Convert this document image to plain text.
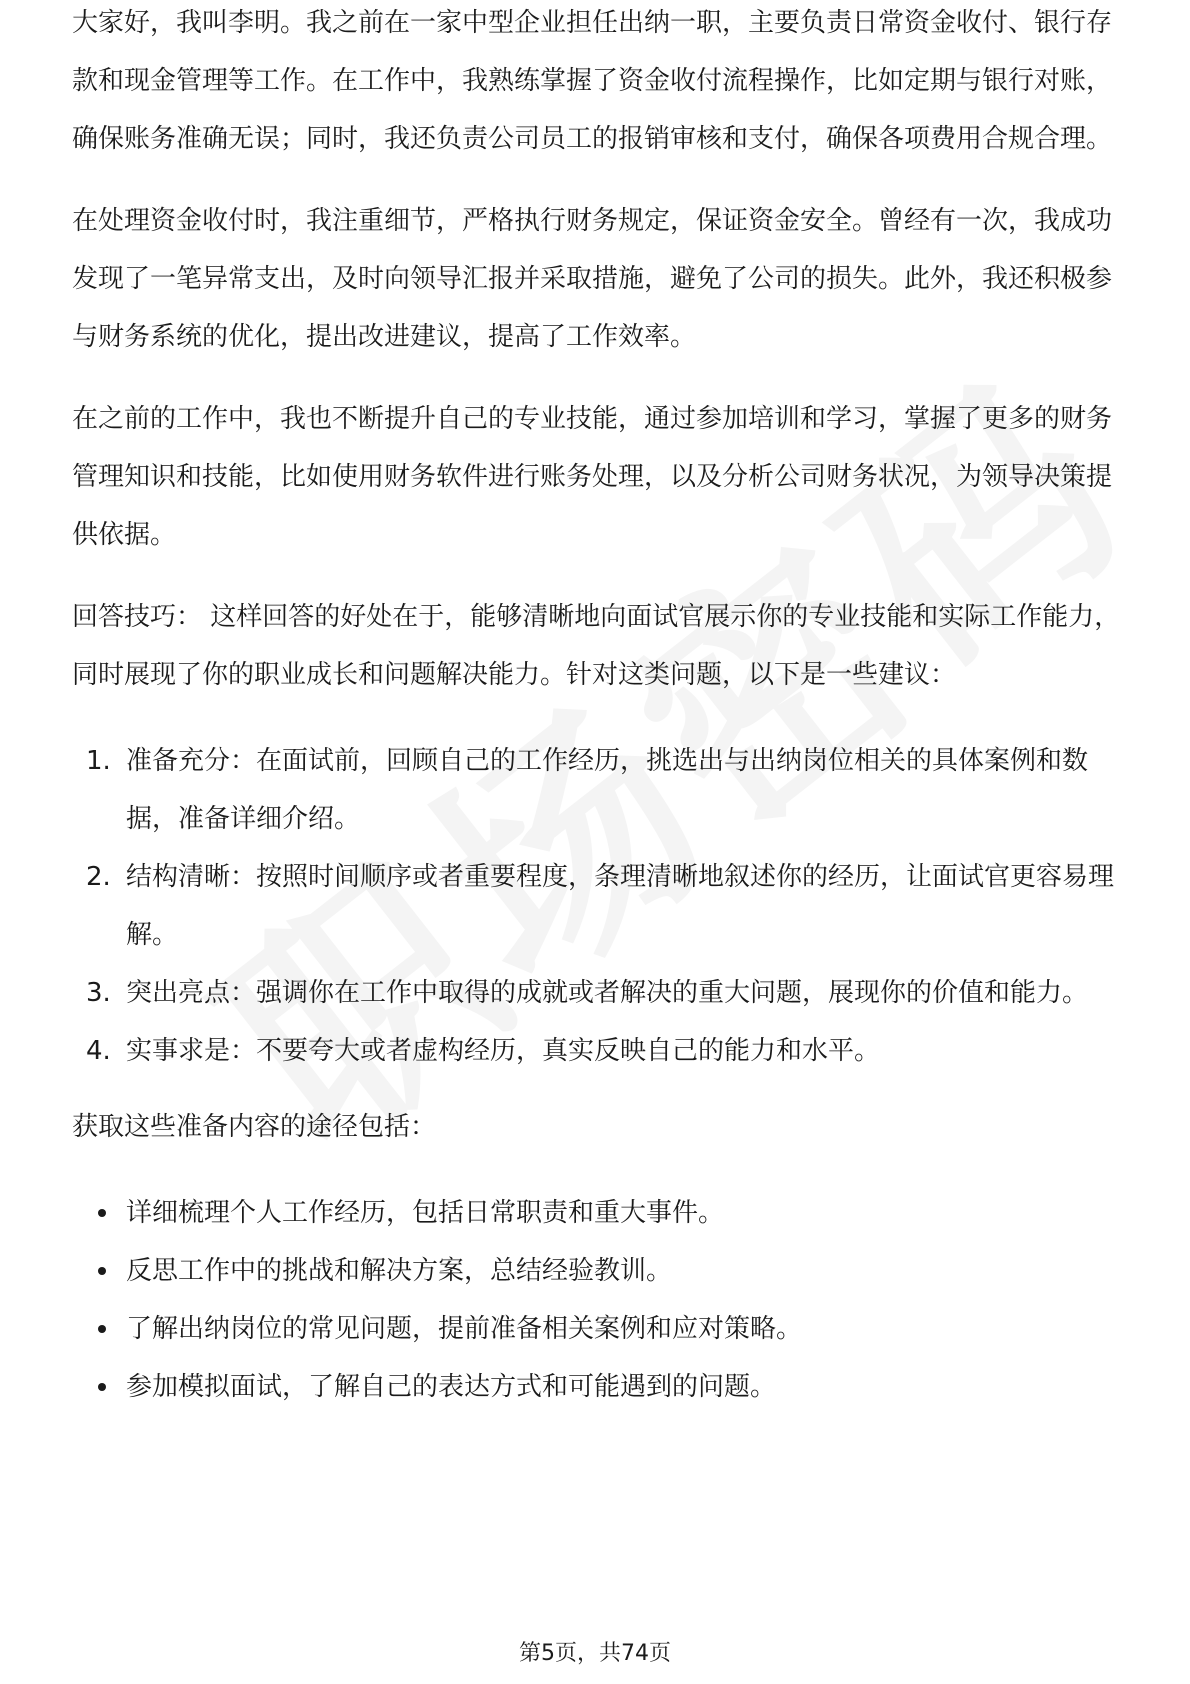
大家好，我叫李明。我之前在一家中型企业担任出纳一职，主要负责日常资金收付、银行存款和现金管理等工作。在工作中，我熟练掌握了资金收付流程操作，比如定期与银行对账，确保账务准确无误；同时，我还负责公司员工的报销审核和支付，确保各项费用合规合理。

在处理资金收付时，我注重细节，严格执行财务规定，保证资金安全。曾经有一次，我成功发现了一笔异常支出，及时向领导汇报并采取措施，避免了公司的损失。此外，我还积极参与财务系统的优化，提出改进建议，提高了工作效率。

在之前的工作中，我也不断提升自己的专业技能，通过参加培训和学习，掌握了更多的财务管理知识和技能，比如使用财务软件进行账务处理，以及分析公司财务状况，为领导决策提供依据。

回答技巧： 这样回答的好处在于，能够清晰地向面试官展示你的专业技能和实际工作能力，同时展现了你的职业成长和问题解决能力。针对这类问题，以下是一些建议：

1. 准备充分：在面试前，回顾自己的工作经历，挑选出与出纳岗位相关的具体案例和数据，准备详细介绍。
2. 结构清晰：按照时间顺序或者重要程度，条理清晰地叙述你的经历，让面试官更容易理解。
3. 突出亮点：强调你在工作中取得的成就或者解决的重大问题，展现你的价值和能力。
4. 实事求是：不要夸大或者虚构经历，真实反映自己的能力和水平。

获取这些准备内容的途径包括：

详细梳理个人工作经历，包括日常职责和重大事件。
反思工作中的挑战和解决方案，总结经验教训。
了解出纳岗位的常见问题，提前准备相关案例和应对策略。
参加模拟面试，了解自己的表达方式和可能遇到的问题。
第5页，共74页
